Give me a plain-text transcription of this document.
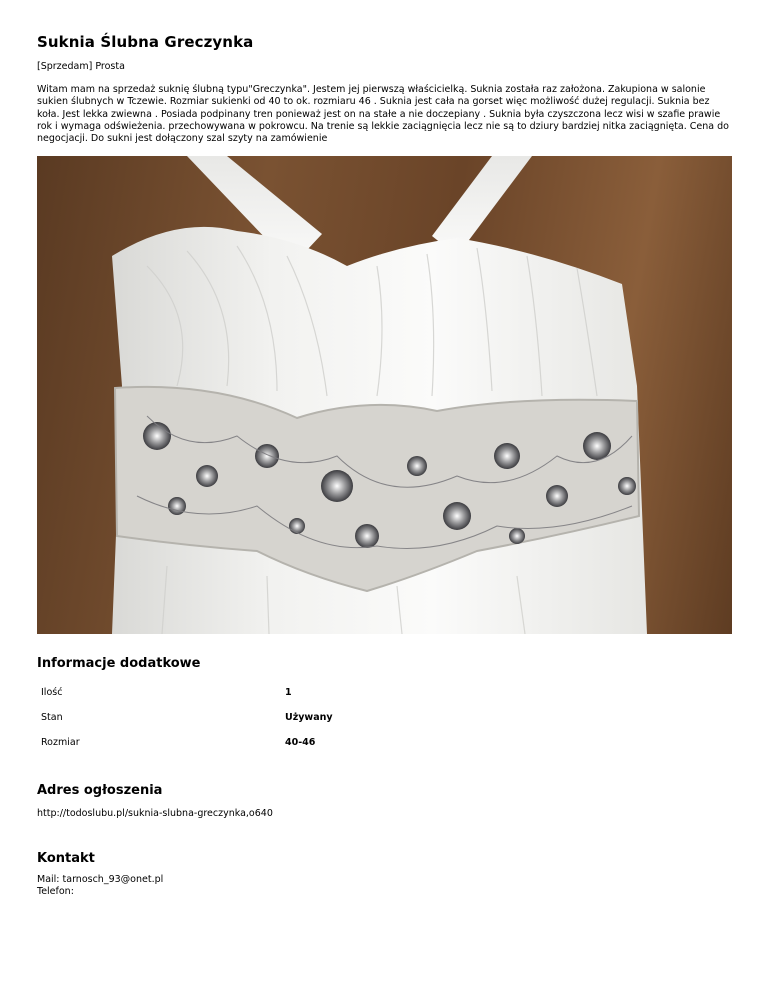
Suknia Ślubna Greczynka

[Sprzedam] Prosta

Witam mam na sprzedaż suknię ślubną typu"Greczynka". Jestem jej pierwszą właścicielką. Suknia została raz założona. Zakupiona w salonie sukien ślubnych w Tczewie. Rozmiar sukienki od 40 to ok. rozmiaru 46 . Suknia jest cała na gorset więc możliwość dużej regulacji. Suknia bez koła. Jest lekka zwiewna . Posiada podpinany tren ponieważ jest on na stałe a nie doczepiany . Suknia była czyszczona lecz wisi w szafie prawie rok i wymaga odświeżenia. przechowywana w pokrowcu. Na trenie są lekkie zaciągnięcia lecz nie są to dziury bardziej nitka zaciągnięta. Cena do negocjacji. Do sukni jest dołączony szal szyty na zamówienie

Informacje dodatkowe
Ilość	1
Stan	Używany
Rozmiar	40-46
Adres ogłoszenia

http://todoslubu.pl/suknia-slubna-greczynka,o640

Kontakt
Mail: tarnosch_93@onet.pl
Telefon:
